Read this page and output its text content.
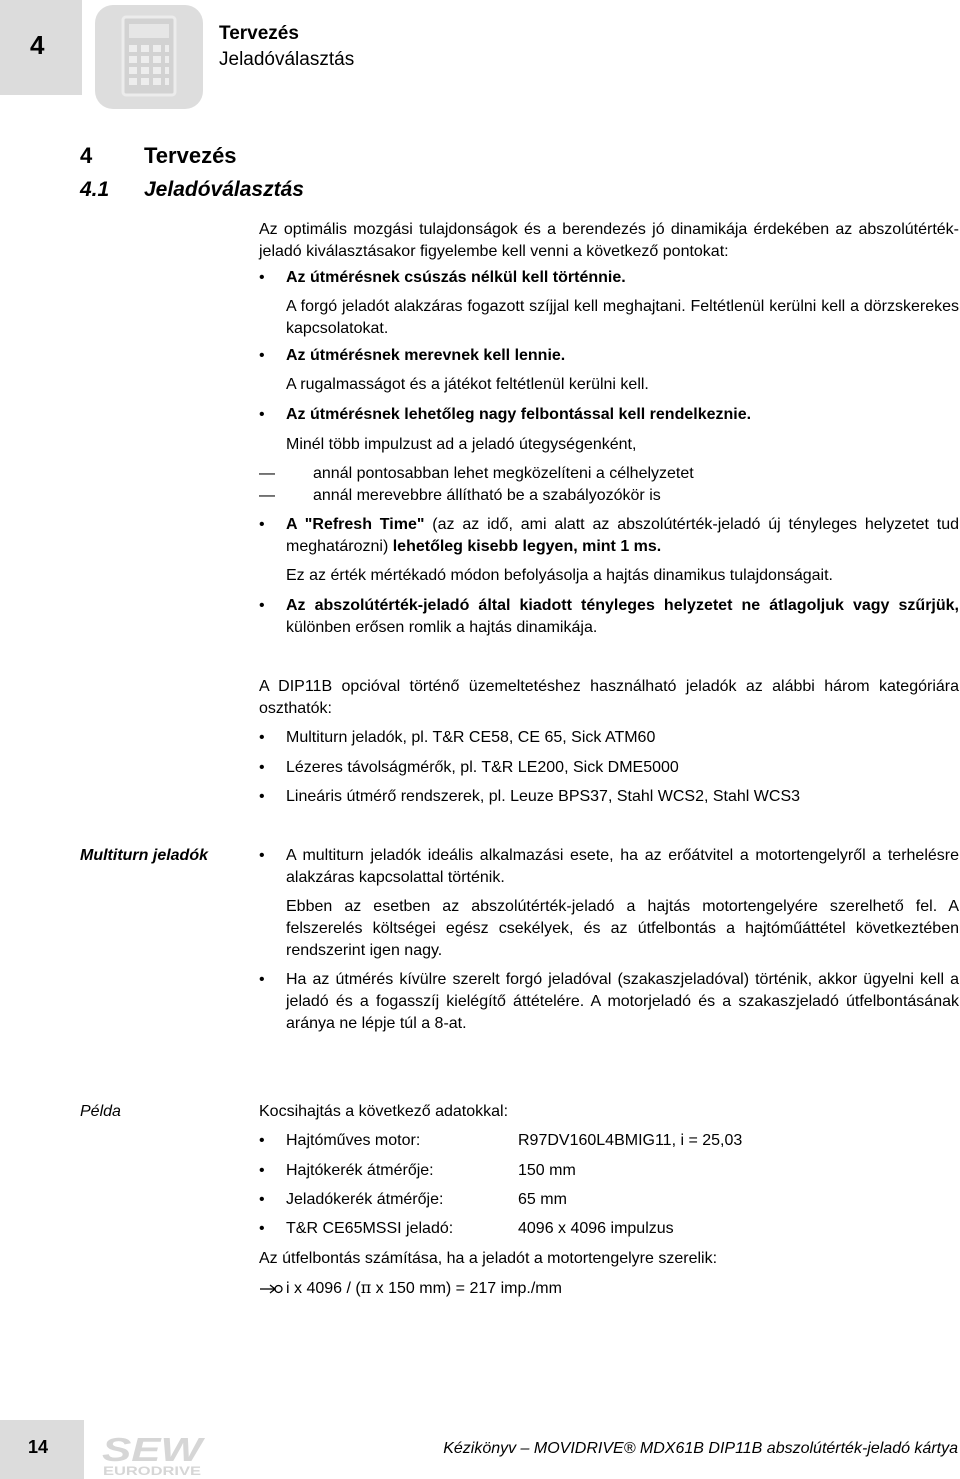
4	Tervezés
Jeladóválasztás
4 Tervezés
4.1 Jeladóválasztás
Az optimális mozgási tulajdonságok és a berendezés jó dinamikája érdekében az abszolútérték-jeladó kiválasztásakor figyelembe kell venni a következő pontokat:
• Az útmérésnek csúszás nélkül kell történnie.
A forgó jeladót alakzáras fogazott szíjjal kell meghajtani. Feltétlenül kerülni kell a dörzskerekes kapcsolatokat.
• Az útmérésnek merevnek kell lennie.
A rugalmasságot és a játékot feltétlenül kerülni kell.
• Az útmérésnek lehetőleg nagy felbontással kell rendelkeznie.
Minél több impulzust ad a jeladó útegységenként,
— annál pontosabban lehet megközelíteni a célhelyzetet
— annál merevebbre állítható be a szabályozókör is
• A "Refresh Time" (az az idő, ami alatt az abszolútérték-jeladó új tényleges helyzetet tud meghatározni) lehetőleg kisebb legyen, mint 1 ms.
Ez az érték mértékadó módon befolyásolja a hajtás dinamikus tulajdonságait.
• Az abszolútérték-jeladó által kiadott tényleges helyzetet ne átlagoljuk vagy szűrjük, különben erősen romlik a hajtás dinamikája.
A DIP11B opcióval történő üzemeltetéshez használható jeladók az alábbi három kategóriára oszthatók:
• Multiturn jeladók, pl. T&R CE58, CE 65, Sick ATM60
• Lézeres távolságmérők, pl. T&R LE200, Sick DME5000
• Lineáris útmérő rendszerek, pl. Leuze BPS37, Stahl WCS2, Stahl WCS3
Multiturn jeladók	• A multiturn jeladók ideális alkalmazási esete, ha az erőátvitel a motortengelyről a terhelésre alakzáras kapcsolattal történik.
Ebben az esetben az abszolútérték-jeladó a hajtás motortengelyére szerelhető fel. A felszerelés költségei egész csekélyek, és az útfelbontás a hajtóműáttétel következtében rendszerint igen nagy.
• Ha az útmérés kívülre szerelt forgó jeladóval (szakaszjeladóval) történik, akkor ügyelni kell a jeladó és a fogasszíj kielégítő áttételére. A motorjeladó és a szakaszjeladó útfelbontásának aránya ne lépje túl a 8-at.
Példa	Kocsihajtás a következő adatokkal:
• Hajtóműves motor:	R97DV160L4BMIG11, i = 25,03
• Hajtókerék átmérője:	150 mm
• Jeladókerék átmérője:	65 mm
• T&R CE65MSSI jeladó:	4096 x 4096 impulzus
Az útfelbontás számítása, ha a jeladót a motortengelyre szerelik:
i x 4096 / (π x 150 mm) = 217 imp./mm
14 SEW
EURODRIVE
Kézikönyv – MOVIDRIVE® MDX61B DIP11B abszolútérték-jeladó kártya
